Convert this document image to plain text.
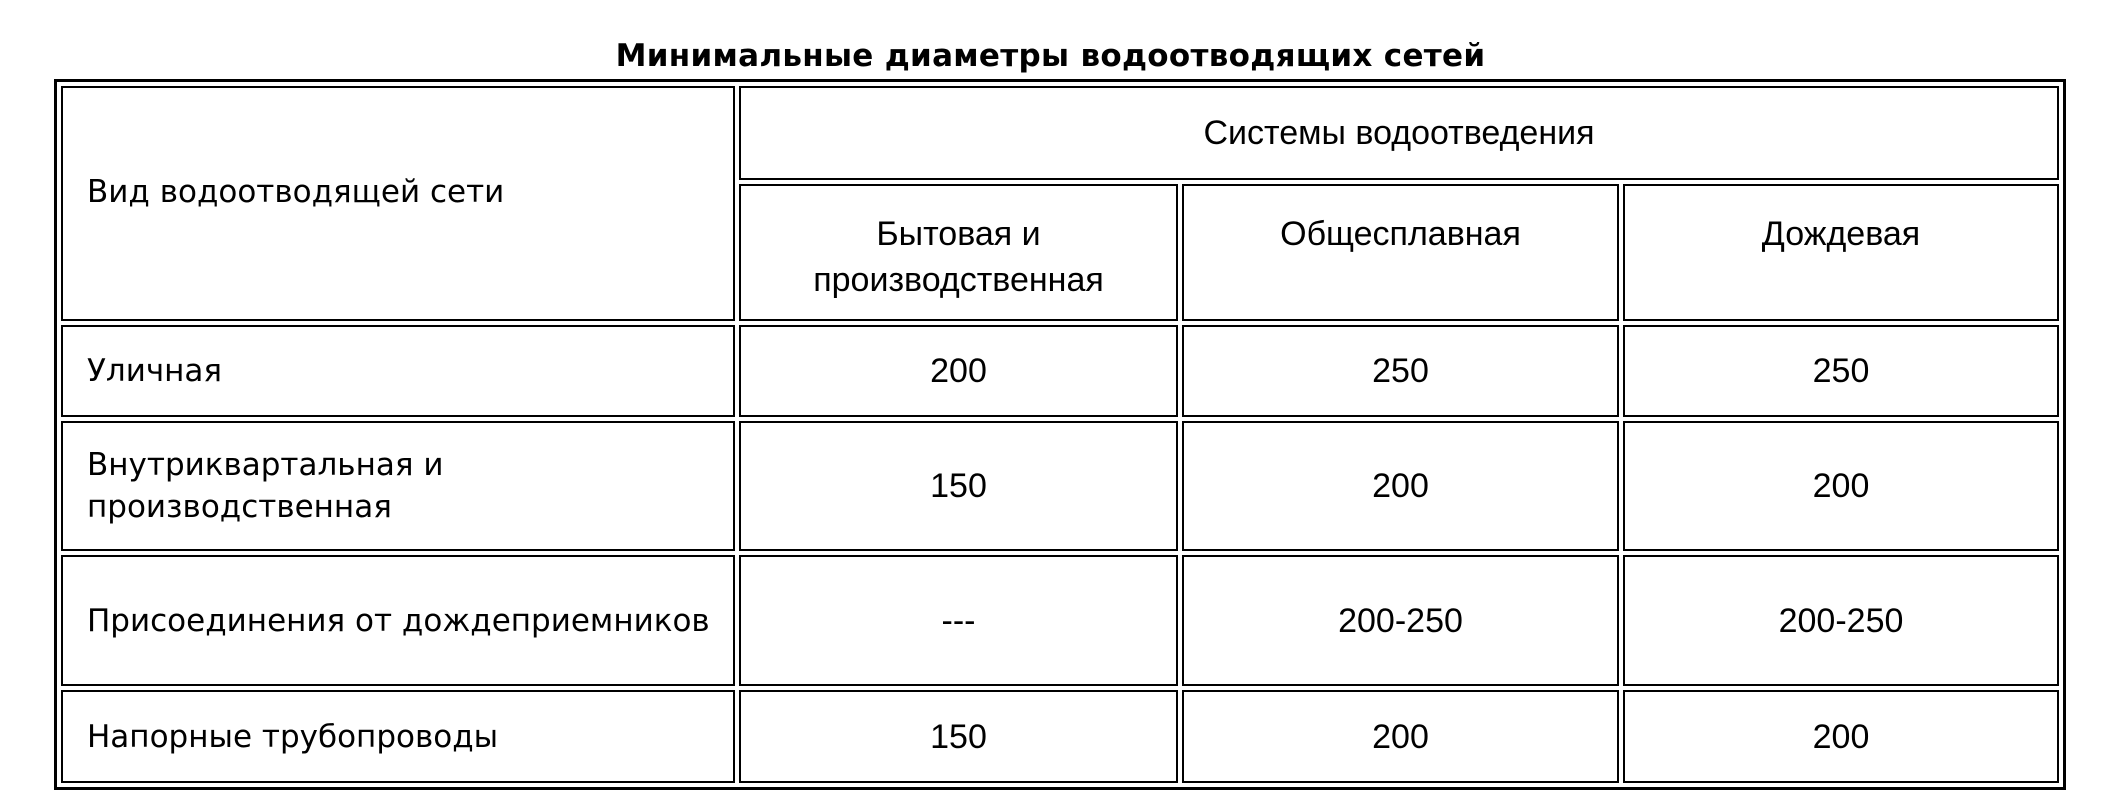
Минимальные диаметры водоотводящих сетей
Вид водоотводящей сети	Системы водоотведения		

	Бытовая и производственная	Общесплавная	Дождевая

Уличная	200	250	250
Внутриквартальная и производственная	150	200	200
Присоединения от дождеприемников	---	200-250	200-250
Напорные трубопроводы	150	200	200
